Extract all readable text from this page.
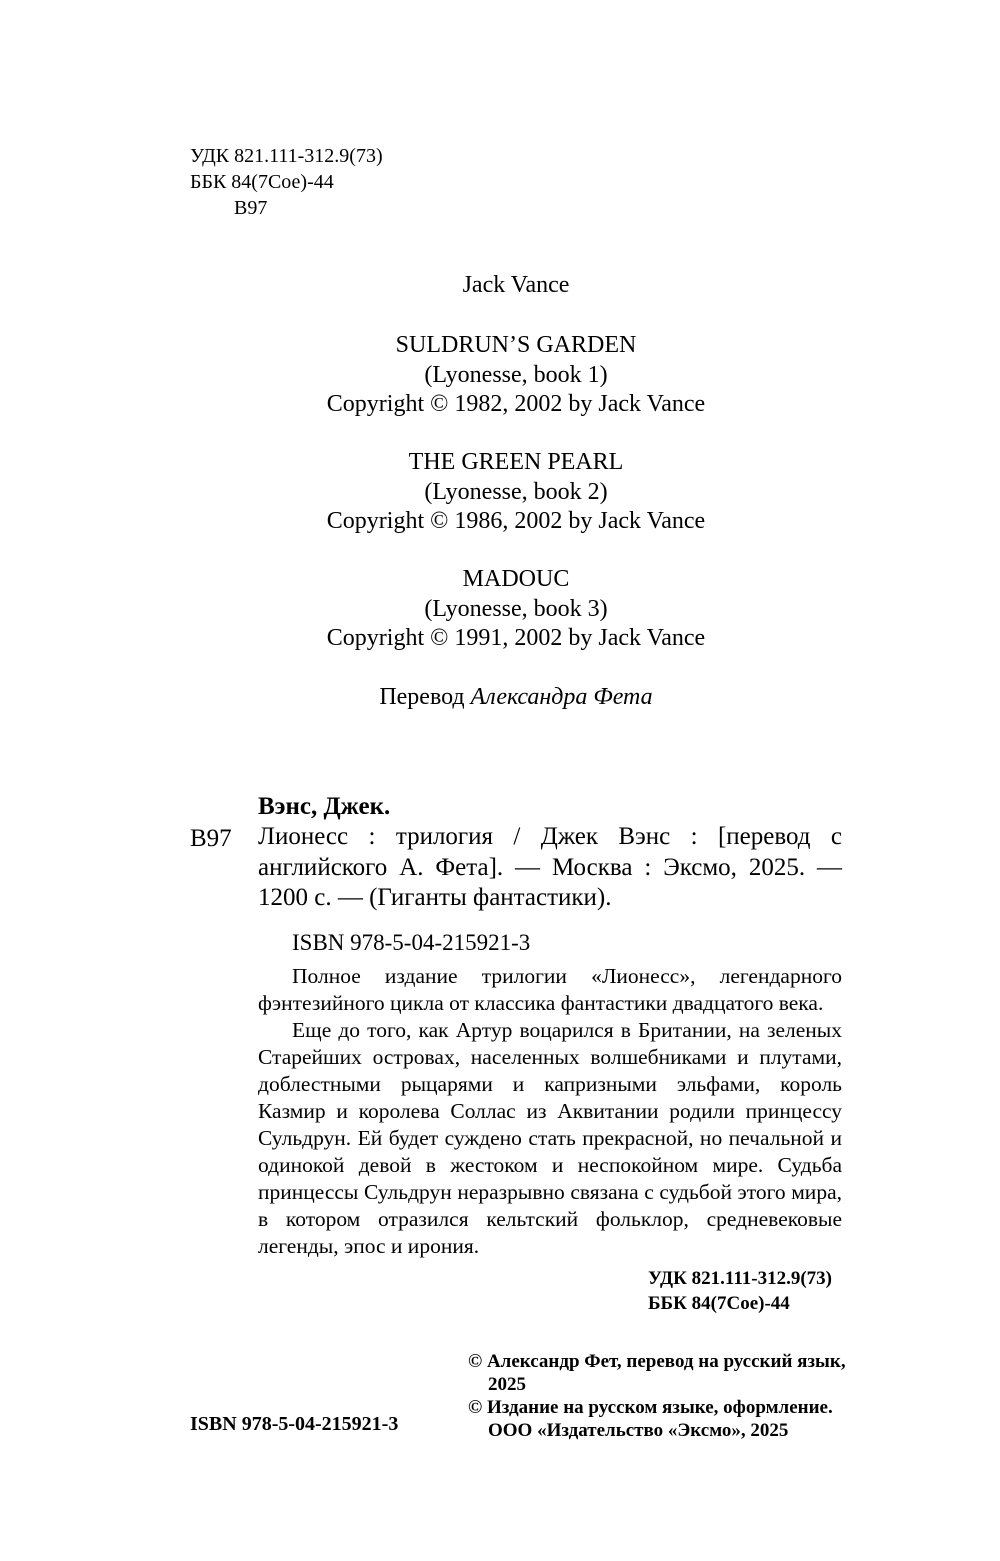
УДК 821.111-312.9(73)
ББК 84(7Сое)-44
В97

Jack Vance

SULDRUN’S GARDEN
(Lyonesse, book 1)
Copyright © 1982, 2002 by Jack Vance

THE GREEN PEARL
(Lyonesse, book 2)
Copyright © 1986, 2002 by Jack Vance

MADOUC
(Lyonesse, book 3)
Copyright © 1991, 2002 by Jack Vance

Перевод Александра Фета

Вэнс, Джек.
В97 Лионесс : трилогия / Джек Вэнс : [перевод с английского А. Фета]. — Москва : Эксмо, 2025. — 1200 с. — (Гиганты фантастики).

ISBN 978-5-04-215921-3

Полное издание трилогии «Лионесс», легендарного фэнтезийного цикла от классика фантастики двадцатого века.

Еще до того, как Артур воцарился в Британии, на зеленых Старейших островах, населенных волшебниками и плутами, доблестными рыцарями и капризными эльфами, король Казмир и королева Соллас из Аквитании родили принцессу Сульдрун. Ей будет суждено стать прекрасной, но печальной и одинокой девой в жестоком и неспокойном мире. Судьба принцессы Сульдрун неразрывно связана с судьбой этого мира, в котором отразился кельтский фольклор, средневековые легенды, эпос и ирония.

УДК 821.111-312.9(73)
ББК 84(7Сое)-44
© Александр Фет, перевод на русский язык, 2025
© Издание на русском языке, оформление. ООО «Издательство «Эксмо», 2025
ISBN 978-5-04-215921-3
